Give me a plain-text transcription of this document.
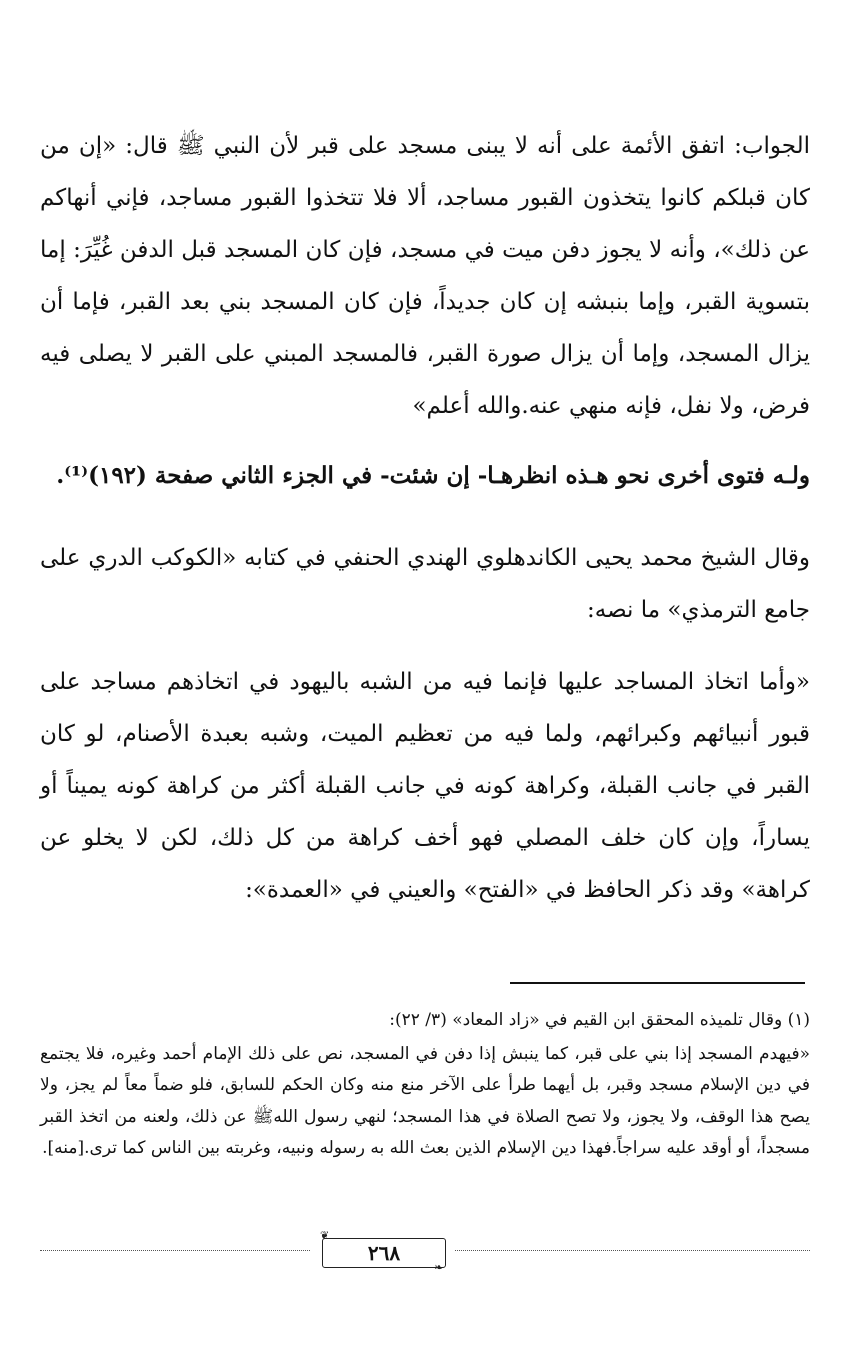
الجواب: اتفق الأئمة على أنه لا يبنى مسجد على قبر لأن النبي ﷺ قال: «إن من كان قبلكم كانوا يتخذون القبور مساجد، ألا فلا تتخذوا القبور مساجد، فإني أنهاكم عن ذلك»، وأنه لا يجوز دفن ميت في مسجد، فإن كان المسجد قبل الدفن غُيِّرَ: إما بتسوية القبر، وإما بنبشه إن كان جديداً، فإن كان المسجد بني بعد القبر، فإما أن يزال المسجد، وإما أن يزال صورة القبر، فالمسجد المبني على القبر لا يصلى فيه فرض، ولا نفل، فإنه منهي عنه.والله أعلم»

ولـه فتوى أخرى نحو هـذه انظرهـا- إن شئت- في الجزء الثاني صفحة (١٩٢)⁽¹⁾.

وقال الشيخ محمد يحيى الكاندهلوي الهندي الحنفي في كتابه «الكوكب الدري على جامع الترمذي» ما نصه:

«وأما اتخاذ المساجد عليها فإنما فيه من الشبه باليهود في اتخاذهم مساجد على قبور أنبيائهم وكبرائهم، ولما فيه من تعظيم الميت، وشبه بعبدة الأصنام، لو كان القبر في جانب القبلة، وكراهة كونه في جانب القبلة أكثر من كراهة كونه يميناً أو يساراً، وإن كان خلف المصلي فهو أخف كراهة من كل ذلك، لكن لا يخلو عن كراهة» وقد ذكر الحافظ في «الفتح» والعيني في «العمدة»:

(١) وقال تلميذه المحقق ابن القيم في «زاد المعاد» (٣/ ٢٢):

«فيهدم المسجد إذا بني على قبر، كما ينبش إذا دفن في المسجد، نص على ذلك الإمام أحمد وغيره، فلا يجتمع في دين الإسلام مسجد وقبر، بل أيهما طرأ على الآخر منع منه وكان الحكم للسابق، فلو ضماً معاً لم يجز، ولا يصح هذا الوقف، ولا يجوز، ولا تصح الصلاة في هذا المسجد؛ لنهي رسول اللهﷺ عن ذلك، ولعنه من اتخذ القبر مسجداً، أو أوقد عليه سراجاً.فهذا دين الإسلام الذين بعث الله به رسوله ونبيه، وغربته بين الناس كما ترى.[منه].

❦
٢٦٨
❧
